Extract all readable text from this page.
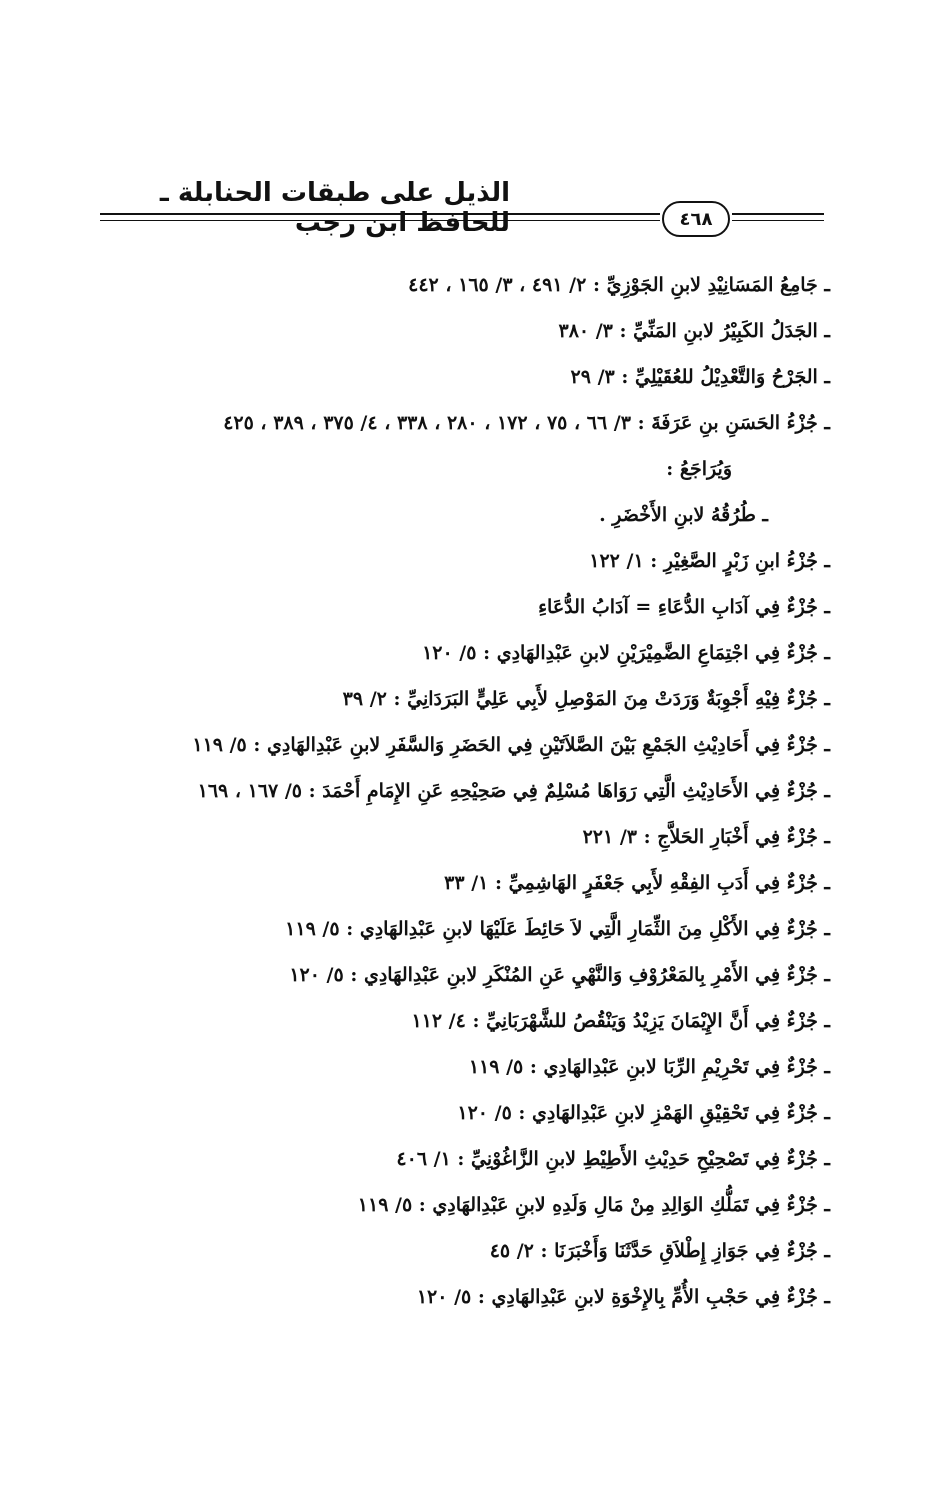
الذيل على طبقات الحنابلة ـ للحافظ ابن رجب	٤٦٨
ـ جَامِعُ المَسَانِيْدِ لابنِ الجَوْزِيِّ : ٢/ ٤٩١ ، ٣/ ١٦٥ ، ٤٤٢
ـ الجَدَلُ الكَبِيْرُ لابنِ المَنِّيِّ : ٣/ ٣٨٠
ـ الجَرْحُ وَالتَّعْدِيْلُ للعُقَيْلِيِّ : ٣/ ٢٩
ـ جُزْءُ الحَسَنِ بنِ عَرَفَةَ : ٣/ ٦٦ ، ٧٥ ، ١٧٢ ، ٢٨٠ ، ٣٣٨ ، ٤/ ٣٧٥ ، ٣٨٩ ، ٤٢٥
وَيُرَاجَعُ :
ـ طُرُقُهُ لابنِ الأَخْضَرِ .
ـ جُزْءُ ابنِ زَبْرٍ الصَّغِيْرِ : ١/ ١٢٢
ـ جُزْءٌ فِي آدَابِ الدُّعَاءِ = آدَابُ الدُّعَاءِ
ـ جُزْءٌ فِي اجْتِمَاعِ الضَّمِيْرَيْنِ لابنِ عَبْدِالهَادِي : ٥/ ١٢٠
ـ جُزْءٌ فِيْهِ أَجْوِبَةٌ وَرَدَتْ مِنَ المَوْصِلِ لأَبِي عَلِيٍّ البَرَدَانِيِّ : ٢/ ٣٩
ـ جُزْءٌ فِي أَحَادِيْثِ الجَمْعِ بَيْنَ الصَّلاَتَيْنِ فِي الحَضَرِ وَالسَّفَرِ لابنِ عَبْدِالهَادِي : ٥/ ١١٩
ـ جُزْءٌ فِي الأَحَادِيْثِ الَّتِي رَوَاهَا مُسْلِمٌ فِي صَحِيْحِهِ عَنِ الإِمَامِ أَحْمَدَ : ٥/ ١٦٧ ، ١٦٩
ـ جُزْءٌ فِي أَخْبَارِ الحَلاَّجِ : ٣/ ٢٢١
ـ جُزْءٌ فِي أَدَبِ الفِقْهِ لأَبِي جَعْفَرٍ الهَاشِمِيِّ : ١/ ٣٣
ـ جُزْءٌ فِي الأَكْلِ مِنَ الثِّمَارِ الَّتِي لاَ حَائِطَ عَلَيْهَا لابنِ عَبْدِالهَادِي : ٥/ ١١٩
ـ جُزْءٌ فِي الأَمْرِ بِالمَعْرُوْفِ وَالنَّهْيِ عَنِ المُنْكَرِ لابنِ عَبْدِالهَادِي : ٥/ ١٢٠
ـ جُزْءٌ فِي أَنَّ الإِيْمَانَ يَزِيْدُ وَيَنْقُصُ للشَّهْرَبَانِيِّ : ٤/ ١١٢
ـ جُزْءٌ فِي تَحْرِيْمِ الرِّبَا لابنِ عَبْدِالهَادِي : ٥/ ١١٩
ـ جُزْءٌ فِي تَحْقِيْقِ الهَمْزِ لابنِ عَبْدِالهَادِي : ٥/ ١٢٠
ـ جُزْءٌ فِي تَصْحِيْحِ حَدِيْثِ الأَطِيْطِ لابنِ الزَّاغُوْنِيِّ : ١/ ٤٠٦
ـ جُزْءٌ فِي تَمَلُّكِ الوَالِدِ مِنْ مَالِ وَلَدِهِ لابنِ عَبْدِالهَادِي : ٥/ ١١٩
ـ جُزْءٌ فِي جَوَازِ إِطْلاَقِ حَدَّثَنَا وَأَخْبَرَنَا : ٢/ ٤٥
ـ جُزْءٌ فِي حَجْبِ الأُمِّ بِالإِخْوَةِ لابنِ عَبْدِالهَادِي : ٥/ ١٢٠
